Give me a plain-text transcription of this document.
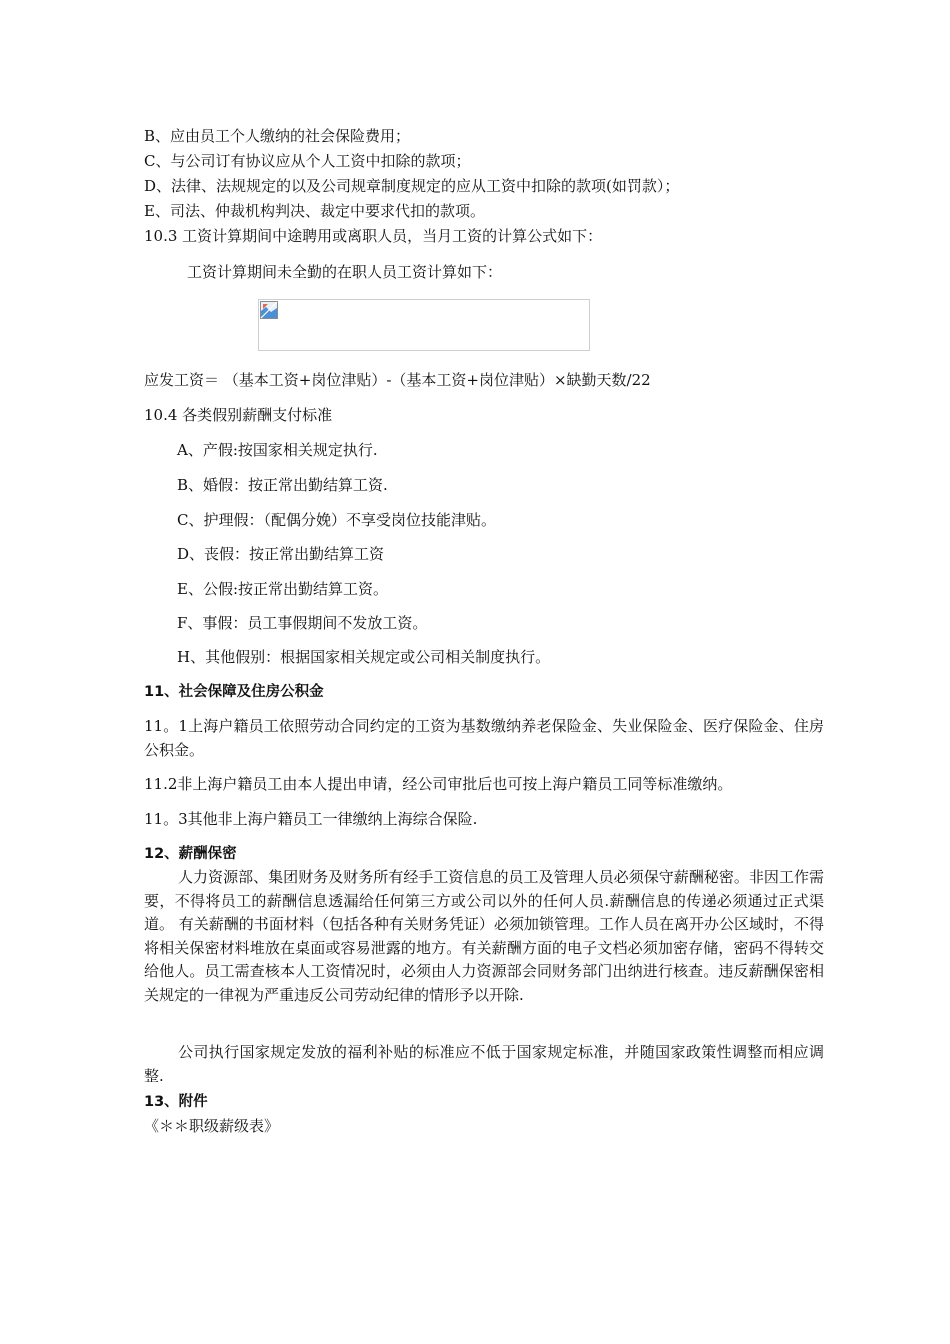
B、应由员工个人缴纳的社会保险费用；
C、与公司订有协议应从个人工资中扣除的款项；
D、法律、法规规定的以及公司规章制度规定的应从工资中扣除的款项(如罚款）；
E、司法、仲裁机构判决、裁定中要求代扣的款项。
10.3 工资计算期间中途聘用或离职人员，当月工资的计算公式如下：
工资计算期间未全勤的在职人员工资计算如下：
应发工资＝ （基本工资+岗位津贴）-（基本工资+岗位津贴）×缺勤天数/22
10.4 各类假别薪酬支付标准
A、产假:按国家相关规定执行.
B、婚假：按正常出勤结算工资.
C、护理假：（配偶分娩）不享受岗位技能津贴。
D、丧假：按正常出勤结算工资
E、公假:按正常出勤结算工资。
F、事假：员工事假期间不发放工资。
H、其他假别：根据国家相关规定或公司相关制度执行。
11、社会保障及住房公积金
11。1上海户籍员工依照劳动合同约定的工资为基数缴纳养老保险金、失业保险金、医疗保险金、住房公积金。
11.2非上海户籍员工由本人提出申请，经公司审批后也可按上海户籍员工同等标准缴纳。
11。3其他非上海户籍员工一律缴纳上海综合保险.
12、薪酬保密
人力资源部、集团财务及财务所有经手工资信息的员工及管理人员必须保守薪酬秘密。非因工作需要，不得将员工的薪酬信息透漏给任何第三方或公司以外的任何人员.薪酬信息的传递必须通过正式渠道。 有关薪酬的书面材料（包括各种有关财务凭证）必须加锁管理。工作人员在离开办公区域时，不得将相关保密材料堆放在桌面或容易泄露的地方。有关薪酬方面的电子文档必须加密存储，密码不得转交给他人。员工需查核本人工资情况时，必须由人力资源部会同财务部门出纳进行核查。违反薪酬保密相关规定的一律视为严重违反公司劳动纪律的情形予以开除.
公司执行国家规定发放的福利补贴的标准应不低于国家规定标准，并随国家政策性调整而相应调整.
13、附件
《＊＊职级薪级表》
